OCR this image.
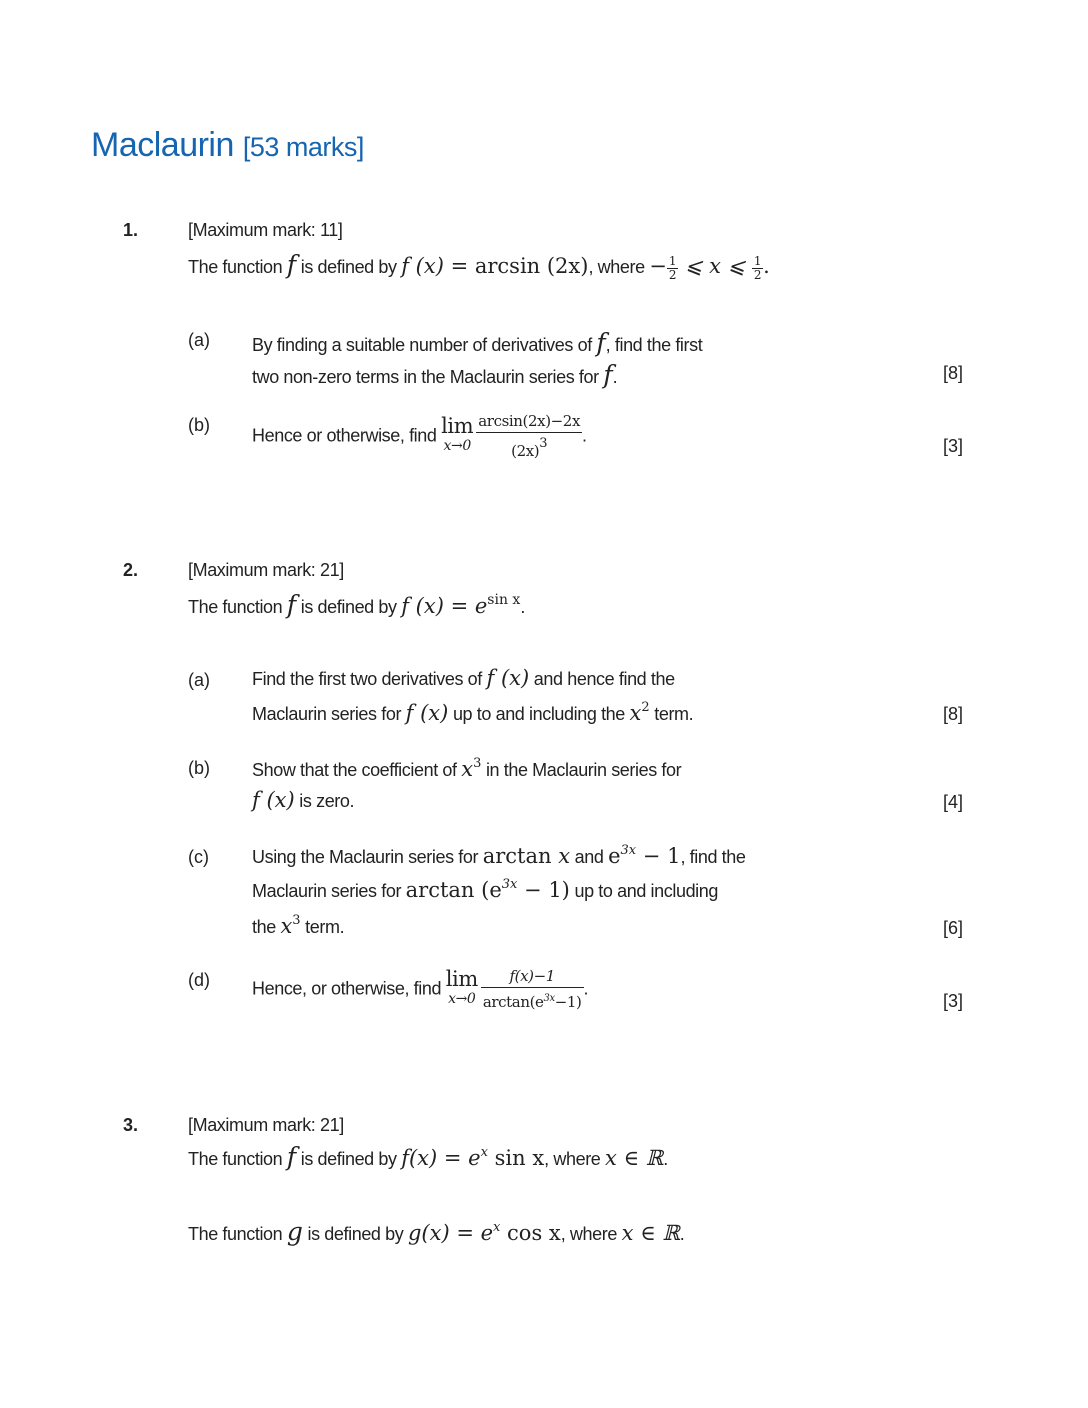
Maclaurin [53 marks]
1.	[Maximum mark: 11]
The function f is defined by f (x) = arcsin (2x), where − $\frac{1}{2}$ ⩽ x ⩽ $\frac{1}{2}$ .
(a) By finding a suitable number of derivatives of f, find the first
two non-zero terms in the Maclaurin series for f.	[8]
(b)
Hence or otherwise, find lim
$x\to 0 \frac{\arcsin(2x)-2x}{(2x)^3}$ .
[3]
2.	[Maximum mark: 21]
The function f is defined by f $(x) = e^{sin x}$.
(a) Find the first two derivatives of f (x) and hence find the
Maclaurin series for f (x) up to and including the $x^2$ term.	[8]
(b) Show that the coefficient of $x^3$ in the Maclaurin series for
f (x) is zero.	[4]
(c) Using the Maclaurin series for arctan x and $e^{3x} - 1$, find the
Maclaurin series for $\arctan (e^{3x} - 1)$ up to and including
the $x^3$ term.	[6]
(d) Hence, or otherwise, find lim
$x\to 0 \frac{f(x)-1}{\arctan(e^{3x}-1)}$ .
[3]
3.	[Maximum mark: 21]
The function f is defined by $f(x) = e^x$ sin x, where x ∈ ℝ.
The function g is defined by $g(x) = e^x$ cos x, where x ∈ ℝ.
